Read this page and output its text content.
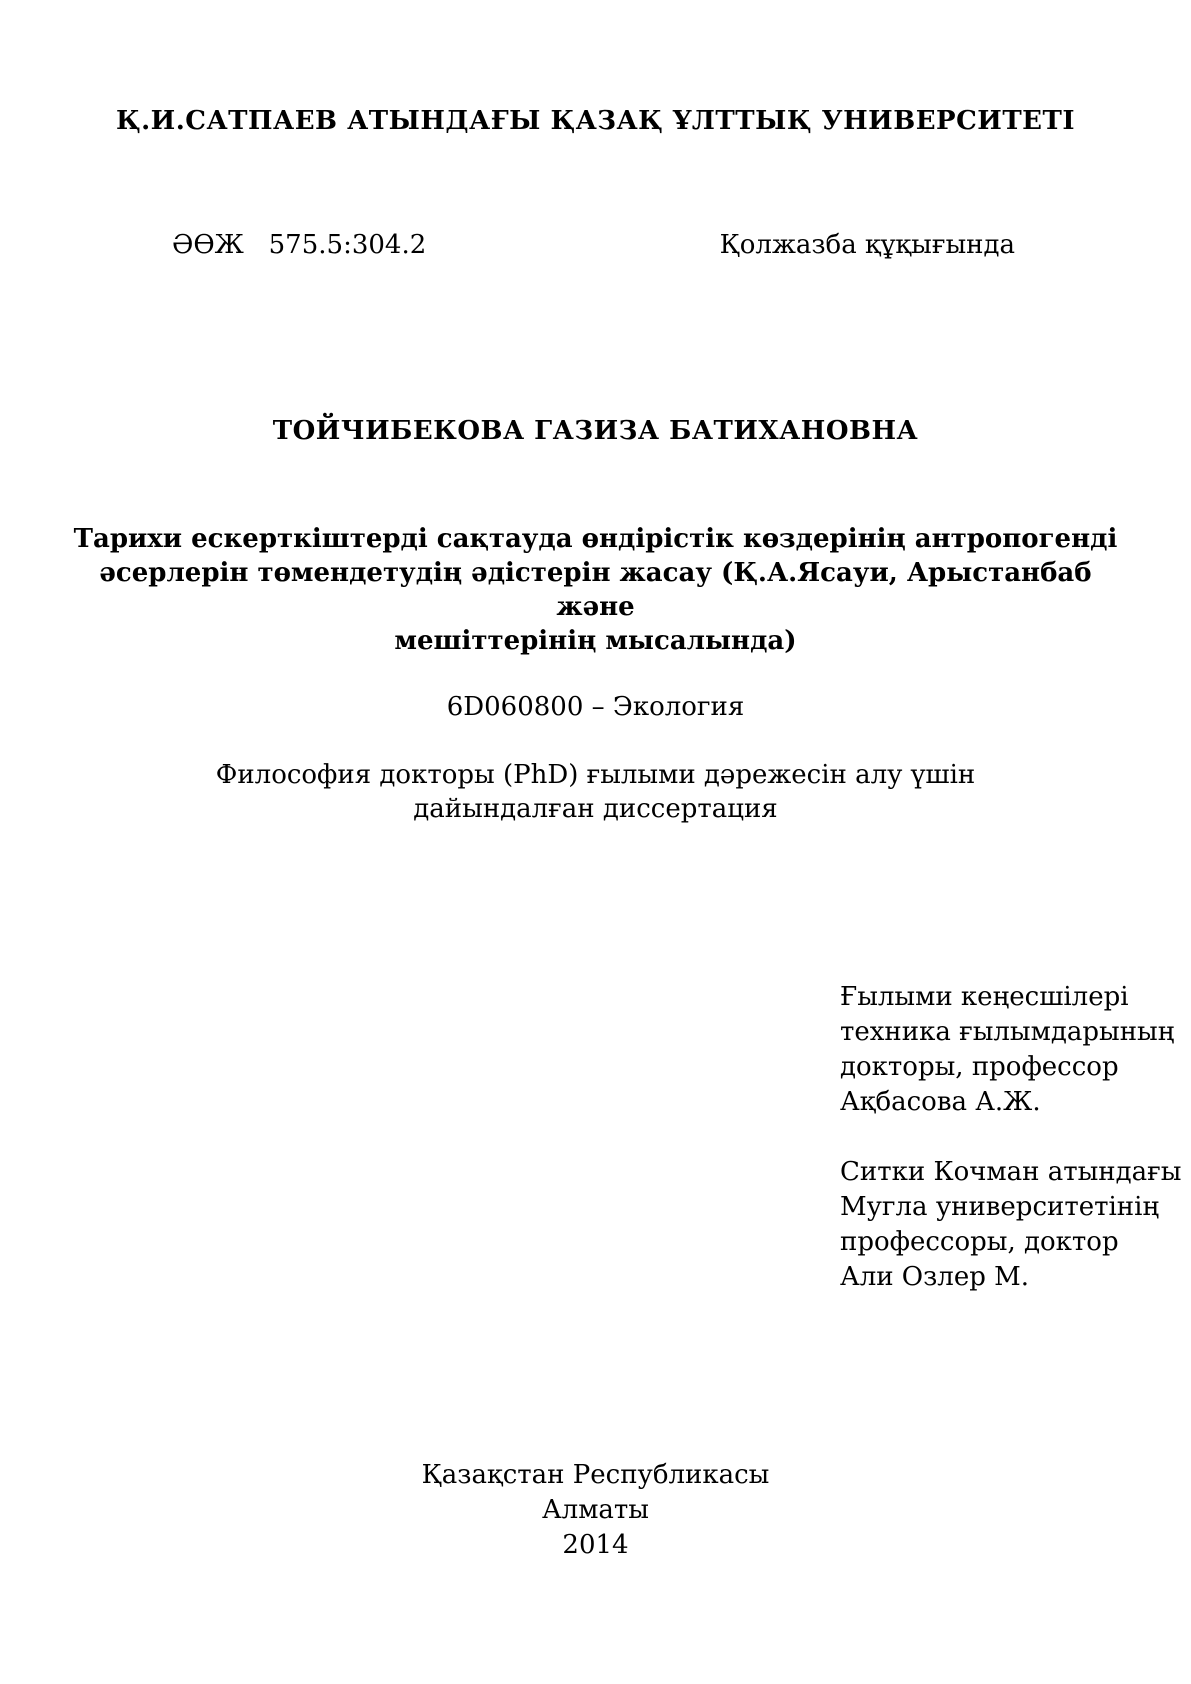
Қ.И.САТПАЕВ АТЫНДАҒЫ ҚАЗАҚ ҰЛТТЫҚ УНИВЕРСИТЕТІ
ӘӨЖ   575.5:304.2	Қолжазба құқығында
ТОЙЧИБЕКОВА ГАЗИЗА БАТИХАНОВНА
Тарихи ескерткіштерді сақтауда өндірістік көздерінің антропогенді
әсерлерін төмендетудің әдістерін жасау (Қ.А.Ясауи, Арыстанбаб және
мешіттерінің мысалында)
6D060800 – Экология
Философия докторы (PhD) ғылыми дәрежесін алу үшін
дайындалған диссертация
Ғылыми кеңесшілері
техника ғылымдарының
докторы, профессор
Ақбасова А.Ж.
Ситки Кочман атындағы
Мугла университетінің
профессоры, доктор
Али Озлер М.
Қазақстан Республикасы
Алматы
2014
